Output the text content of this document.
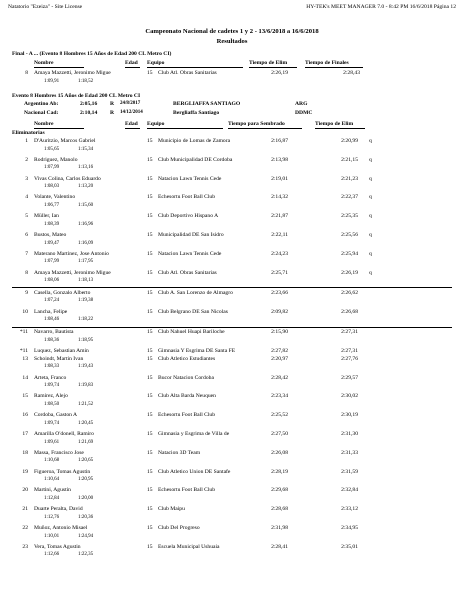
Natatorio "Ezeiza" - Site License	HY-TEK's MEET MANAGER 7.0 - 8:42 PM 16/6/2018 Página 12
Campeonato Nacional de cadetes 1 y 2 - 13/6/2018 a 16/6/2018
Resultados
Final - A ... (Evento 8 Hombres 15 Años de Edad 200 CL Metro CI)
Nombre	Edad Equipo	Tiempo de Elim	Tiempo de Finales
8 Amaya Mazzetti, Jeronimo Migue	15 Club Atl. Obras Sanitarias	2:26,19	2:28,43
1:09,91	1:18,52
Evento 8 Hombres 15 Años de Edad 200 CL Metro CI
Argentino Ab:	2:05,16 R 24/8/2017	BERGLIAFFA SANTIAGO	ARG
Nacional Cad:	2:10,14 R 14/12/2014	Bergliaffa Santiago	DDMC
Nombre	Edad Equipo	Tiempo para Sembrado	Tiempo de Elim
Eliminatorias
1 D'Auritzio, Marcos Gabriel	15 Municipio de Lomas de Zamora	2:16,87	2:20,99 q
1:05,65	1:15,34
2 Rodriguez, Manolo	15 Club Municipalidad DE Cordoba	2:13,98	2:21,15 q
1:07,99	1:13,16
3 Vivas Colina, Carlos Eduardo	15 Natacion Lawn Tennis Cede	2:19,01	2:21,23 q
1:08,03	1:13,20
4 Volante, Valentino	15 Echesortu Foot Ball Club	2:14,32	2:22,37 q
1:06,77	1:15,60
5 Müller, Ian	15 Club Deportivo Hispano A	2:21,87	2:25,35 q
1:08,39	1:16,96
6 Bustos, Mateo	15 Municipalidad DE San Isidro	2:22,11	2:25,56 q
1:09,47	1:16,09
7 Materano Martinez, Jose Antonio	15 Natacion Lawn Tennis Cede	2:24,23	2:25,94 q
1:07,99	1:17,95
8 Amaya Mazzetti, Jeronimo Migue	15 Club Atl. Obras Sanitarias	2:25,71	2:26,19 q
1:08,06	1:18,13
9 Casella, Gonzalo Alberto	15 Club A. San Lorenzo de Almagro	2:23,66	2:26,62
1:07,24	1:19,38
10 Lancha, Felipe	15 Club Belgrano DE San Nicolas	2:09,82	2:26,68
1:08,46	1:18,22
*11 Navarro, Bautista	15 Club Nahuel Huapi Bariloche	2:15,90	2:27,31
1:08,36	1:18,95
*11 Luquez, Sebastian Amin	15 Gimnasia Y Esgrima DE Santa FE	2:27,82	2:27,31
13 Schoindt, Martin Ivan	15 Club Atletico Estudiantes	2:20,97	2:27,76
1:08,33	1:19,43
14 Arteta, Franco	15 Bucor Natacion Cordoba	2:28,42	2:29,57
1:09,74	1:19,83
15 Ramirez, Alejo	15 Club Alta Barda Neuquen	2:23,34	2:30,02
1:08,50	1:21,52
16 Cordoba, Gaston A	15 Echesortu Foot Ball Club	2:25,52	2:30,19
1:09,74	1:20,45
17 Amarilla O'donell, Ramiro	15 Gimnasia y Esgrima de Villa de	2:27,50	2:31,30
1:09,61	1:21,69
18 Massa, Francisco Jose	15 Natacion 3D Team	2:26,08	2:31,33
1:10,68	1:20,65
19 Figueroa, Tomas Agustin	15 Club Atletico Union DE Santafe	2:28,19	2:31,59
1:10,64	1:20,95
20 Martini, Agustin	15 Echesortu Foot Ball Club	2:29,68	2:32,84
1:12,84	1:20,00
21 Duarte Peralta, David	15 Club Maipu	2:28,68	2:33,12
1:12,76	1:20,36
22 Muñoz, Antonio Misael	15 Club Del Progreso	2:31,98	2:34,95
1:10,01	1:24,94
23 Vera, Tomas Agustin	15 Escuela Municipal Ushuaia	2:28,41	2:35,01
1:12,66	1:22,35
